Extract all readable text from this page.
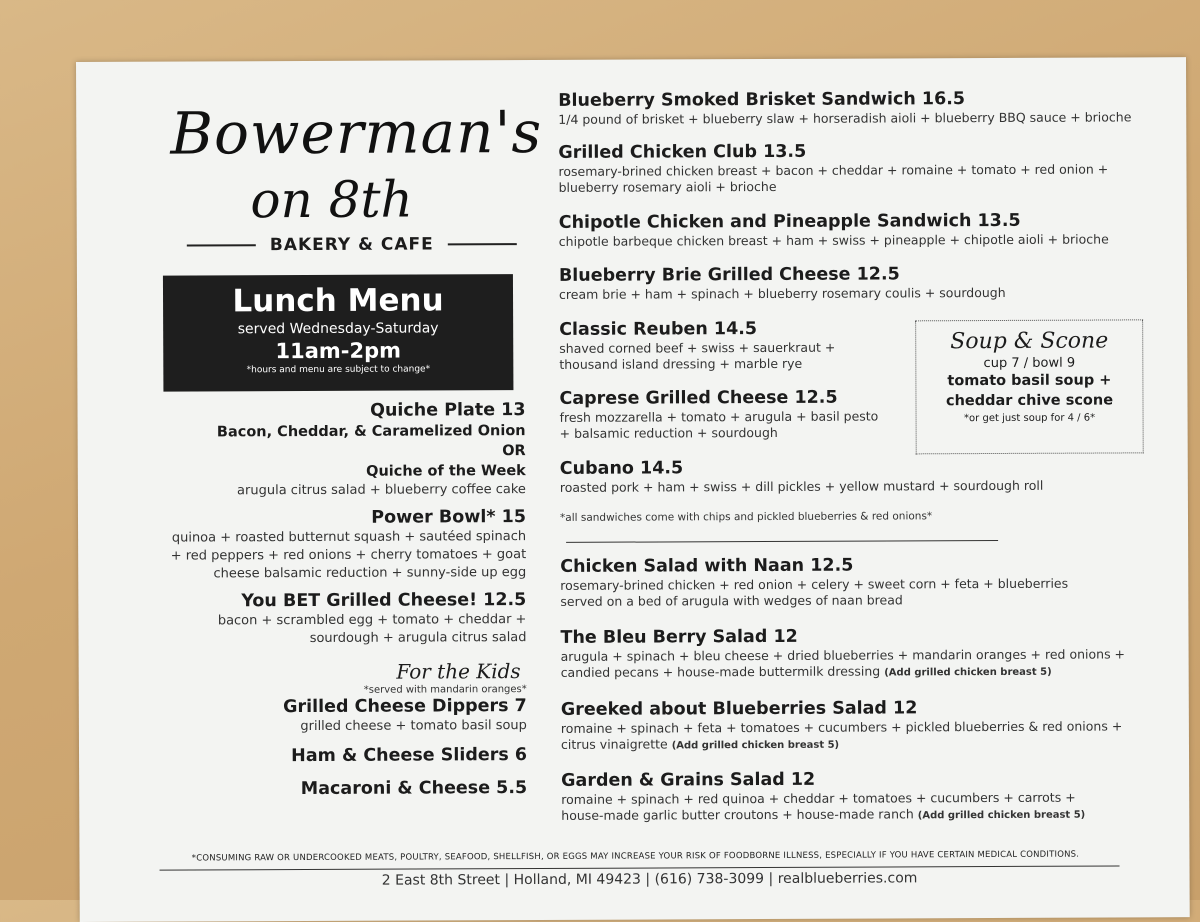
Bowerman's
on 8th
BAKERY & CAFE
Lunch Menu
served Wednesday-Saturday
11am-2pm
*hours and menu are subject to change*
Quiche Plate 13
Bacon, Cheddar, & Caramelized Onion
OR
Quiche of the Week
arugula citrus salad + blueberry coffee cake
Power Bowl* 15
quinoa + roasted butternut squash + sautéed spinach
+ red peppers + red onions + cherry tomatoes + goat
cheese balsamic reduction + sunny-side up egg
You BET Grilled Cheese! 12.5
bacon + scrambled egg + tomato + cheddar +
sourdough + arugula citrus salad
For the Kids
*served with mandarin oranges*
Grilled Cheese Dippers 7
grilled cheese + tomato basil soup
Ham & Cheese Sliders 6
Macaroni & Cheese 5.5
Blueberry Smoked Brisket Sandwich 16.5
1/4 pound of brisket + blueberry slaw + horseradish aioli + blueberry BBQ sauce + brioche
Grilled Chicken Club 13.5
rosemary-brined chicken breast + bacon + cheddar + romaine + tomato + red onion +
blueberry rosemary aioli + brioche
Chipotle Chicken and Pineapple Sandwich 13.5
chipotle barbeque chicken breast + ham + swiss + pineapple + chipotle aioli + brioche
Blueberry Brie Grilled Cheese 12.5
cream brie + ham + spinach + blueberry rosemary coulis + sourdough
Classic Reuben 14.5
shaved corned beef + swiss + sauerkraut +
thousand island dressing + marble rye
Caprese Grilled Cheese 12.5
fresh mozzarella + tomato + arugula + basil pesto
+ balsamic reduction + sourdough
Cubano 14.5
roasted pork + ham + swiss + dill pickles + yellow mustard + sourdough roll
*all sandwiches come with chips and pickled blueberries & red onions*
Chicken Salad with Naan 12.5
rosemary-brined chicken + red onion + celery + sweet corn + feta + blueberries
served on a bed of arugula with wedges of naan bread
The Bleu Berry Salad 12
arugula + spinach + bleu cheese + dried blueberries + mandarin oranges + red onions +
candied pecans + house-made buttermilk dressing (Add grilled chicken breast 5)
Greeked about Blueberries Salad 12
romaine + spinach + feta + tomatoes + cucumbers + pickled blueberries & red onions +
citrus vinaigrette (Add grilled chicken breast 5)
Garden & Grains Salad 12
romaine + spinach + red quinoa + cheddar + tomatoes + cucumbers + carrots +
house-made garlic butter croutons + house-made ranch (Add grilled chicken breast 5)
Soup & Scone
cup 7 / bowl 9
tomato basil soup +
cheddar chive scone
*or get just soup for 4 / 6*
*CONSUMING RAW OR UNDERCOOKED MEATS, POULTRY, SEAFOOD, SHELLFISH, OR EGGS MAY INCREASE YOUR RISK OF FOODBORNE ILLNESS, ESPECIALLY IF YOU HAVE CERTAIN MEDICAL CONDITIONS.
2 East 8th Street | Holland, MI 49423 | (616) 738-3099 | realblueberries.com
